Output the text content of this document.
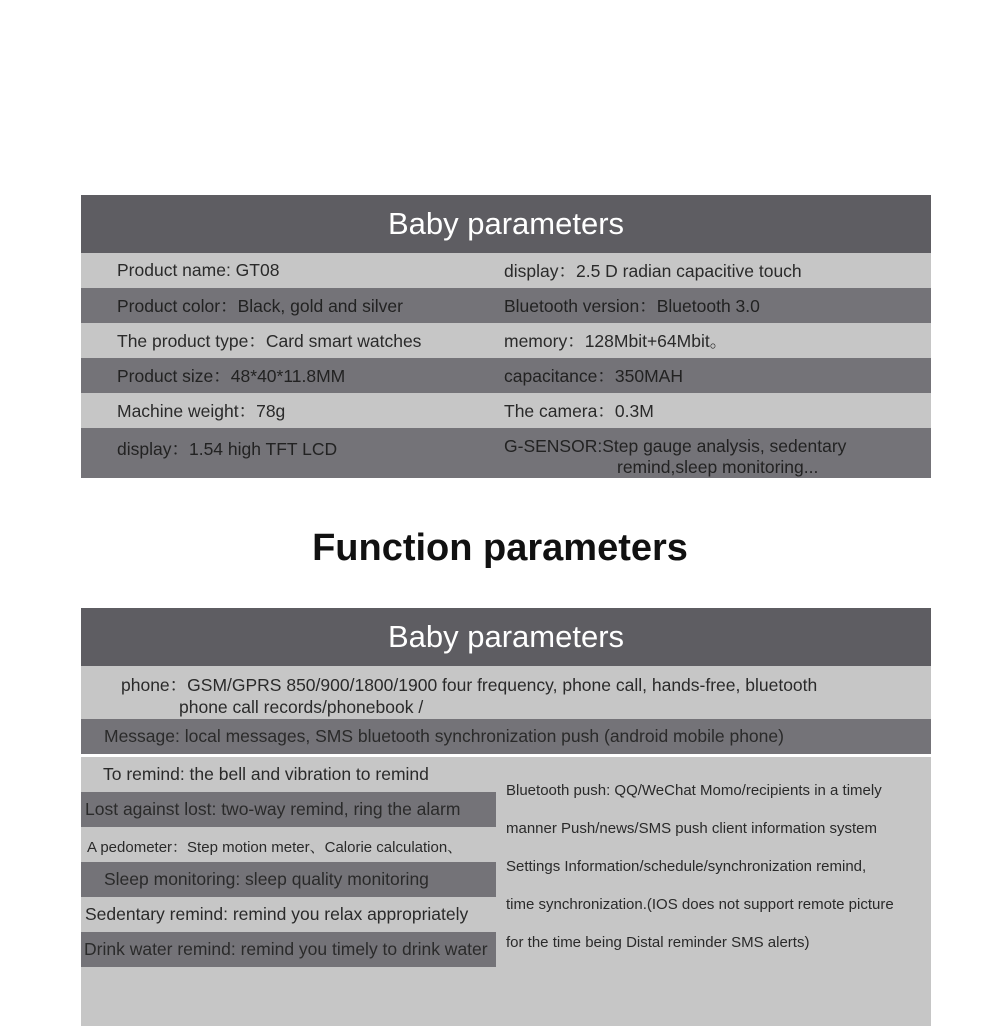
Baby parameters
Product name: GT08	display：2.5 D radian capacitive touch
Product color：Black, gold and silver	Bluetooth version：Bluetooth 3.0
The product type：Card smart watches	memory：128Mbit+64Mbit。
Product size：48*40*11.8MM	capacitance：350MAH
Machine weight：78g	The camera：0.3M
display：1.54 high TFT LCD	G-SENSOR:Step gauge analysis, sedentary
remind,sleep monitoring...
Function parameters
Baby parameters
phone：GSM/GPRS 850/900/1800/1900 four frequency, phone call, hands-free, bluetooth
phone call records/phonebook /
Message: local messages, SMS bluetooth synchronization push (android mobile phone)
To remind: the bell and vibration to remind
Lost against lost: two-way remind, ring the alarm
A pedometer：Step motion meter、Calorie calculation、
Sleep monitoring: sleep quality monitoring
Sedentary remind: remind you relax appropriately
Drink water remind: remind you timely to drink water
Bluetooth push: QQ/WeChat Momo/recipients in a timely
manner Push/news/SMS push client information system
Settings Information/schedule/synchronization remind,
time synchronization.(IOS does not support remote picture
for the time being Distal reminder SMS alerts)
